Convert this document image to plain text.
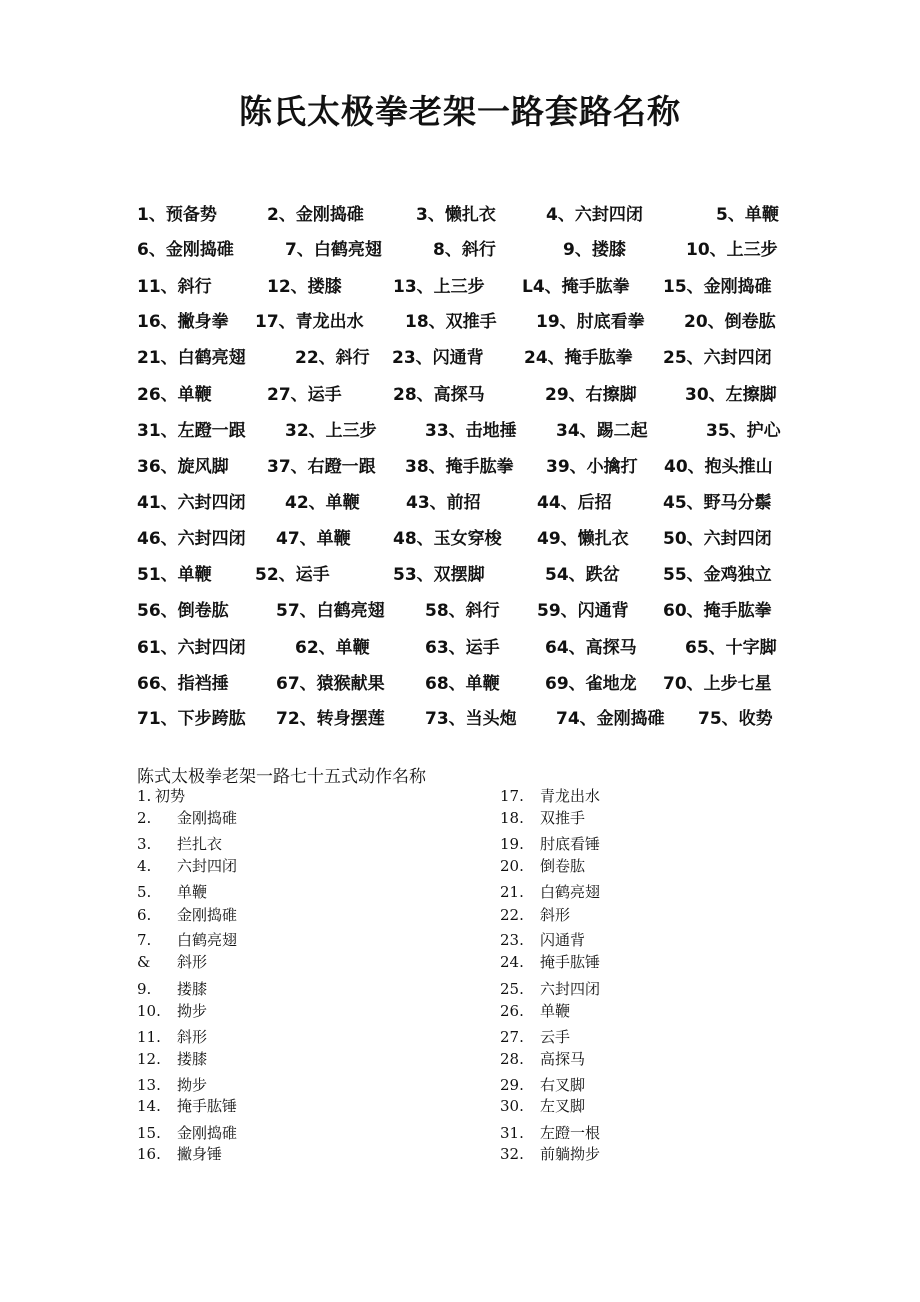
陈氏太极拳老架一路套路名称
1、预备势	2、金刚捣碓	3、懒扎衣	4、六封四闭	5、单鞭
6、金刚捣碓	7、白鹤亮翅	8、斜行	9、搂膝	10、上三步
11、斜行	12、搂膝	13、上三步 L4、掩手肱拳 15、金刚捣碓
16、撇身拳 17、青龙出水 18、双推手 19、肘底看拳 20、倒卷肱
21、白鹤亮翅	22、斜行 23、闪通背 24、掩手肱拳 25、六封四闭
26、单鞭	27、运手	28、高探马	29、右擦脚	30、左擦脚
31、左蹬一跟 32、上三步	33、击地捶 34、踢二起	35、护心
36、旋风脚 37、右蹬一跟 38、掩手肱拳 39、小擒打 40、抱头推山
41、六封四闭 42、单鞭	43、前招	44、后招	45、野马分鬃
46、六封四闭 47、单鞭 48、玉女穿梭 49、懒扎衣 50、六封四闭
51、单鞭	52、运手	53、双摆脚	54、跌岔	55、金鸡独立
56、倒卷肱	57、白鹤亮翅 58、斜行 59、闪通背 60、掩手肱拳
61、六封四闭	62、单鞭	63、运手	64、高探马	65、十字脚
66、指裆捶	67、猿猴献果 68、单鞭	69、雀地龙 70、上步七星
71、下步跨肱 72、转身摆莲 73、当头炮 74、金刚捣碓 75、收势
陈式太极拳老架一路七十五式动作名称
1. 初势
2. 金刚捣碓
3. 拦扎衣
4. 六封四闭
5. 单鞭
6. 金刚捣碓
7. 白鹤亮翅
& 斜形
9. 搂膝
10. 拗步
11. 斜形
12. 搂膝
13. 拗步
14. 掩手肱锤
15. 金刚捣碓
16. 撇身锤
17. 青龙出水
18. 双推手
19. 肘底看锤
20. 倒卷肱
21. 白鹤亮翅
22. 斜形
23. 闪通背
24. 掩手肱锤
25. 六封四闭
26. 单鞭
27. 云手
28. 高探马
29. 右叉脚
30. 左叉脚
31. 左蹬一根
32. 前躺拗步
